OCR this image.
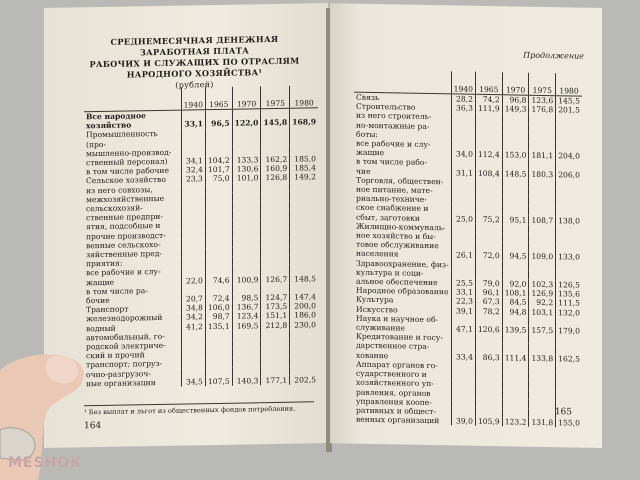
СРЕДНЕМЕСЯЧНАЯ ДЕНЕЖНАЯ ЗАРАБОТНАЯ ПЛАТА
РАБОЧИХ И СЛУЖАЩИХ ПО ОТРАСЛЯМ
НАРОДНОГО ХОЗЯЙСТВА¹
(рублей)
	1940	1965	1970	1975	1980
Все народное хозяйство	33,1	96,5	122,0	145,8	168,9
Промышленность (про-					
мышленно-производ-					
ственный персонал)	34,1	104,2	133,3	162,2	185,0
в том числе рабочие	32,4	101,7	130,6	160,9	185,4
Сельское хозяйство	23,3	75,0	101,0	126,8	149,2
из него совхозы,					
межхозяйственные					
сельскохозяй-					
ственные предпри-					
ятия, подсобные и					
прочие производст-					
венные сельскохо-					
зяйственные пред-					
приятия:					
все рабочие и слу-					
жащие	22,0	74,6	100,9	126,7	148,5
в том числе ра-					
бочие	20,7	72,4	98,5	124,7	147,4
Транспорт	34,8	106,0	136,7	173,5	200,0
железнодорожный	34,2	98,7	123,4	151,1	186,0
водный	41,2	135,1	169,5	212,8	230,0
автомобильный, го-					
родской электриче-					
ский и прочий					
транспорт; погруз-					
очно-разгрузоч-					
ные организации	34,5	107,5	140,3	177,1	202,5
¹ Без выплат и льгот из общественных фондов потребления.
164
Продолжение
	1940	1965	1970	1975	1980
Связь	28,2	74,2	96,8	123,6	145,5
Строительство	36,3	111,9	149,3	176,8	201,5
из него строитель-					
но-монтажные ра-					
боты:					
все рабочие и слу-					
жащие	34,0	112,4	153,0	181,1	204,0
в том числе рабо-					
чие	31,1	108,4	148,5	180,3	206,0
Торговля, обществен-					
ное питание, мате-					
риально-техниче-					
ское снабжение и					
сбыт, заготовки	25,0	75,2	95,1	108,7	138,0
Жилищно-коммуналь-					
ное хозяйство и бы-					
товое обслуживание					
населения	26,1	72,0	94,5	109,0	133,0
Здравоохранение, физ-					
культура и соци-					
альное обеспечение	25,5	79,0	92,0	102,3	126,5
Народное образование	33,1	96,1	108,1	126,9	135,6
Культура	22,3	67,3	84,5	92,2	111,5
Искусство	39,1	78,2	94,8	103,1	132,0
Наука и научное об-					
служивание	47,1	120,6	139,5	157,5	179,0
Кредитование и госу-					
дарственное стра-					
хование	33,4	86,3	111,4	133,8	162,5
Аппарат органов го-					
сударственного и					
хозяйственного уп-					
равления, органов					
управления коопе-					
ративных и общест-					
венных организаций	39,0	105,9	123,2	131,8	155,0
165
MESHOK
